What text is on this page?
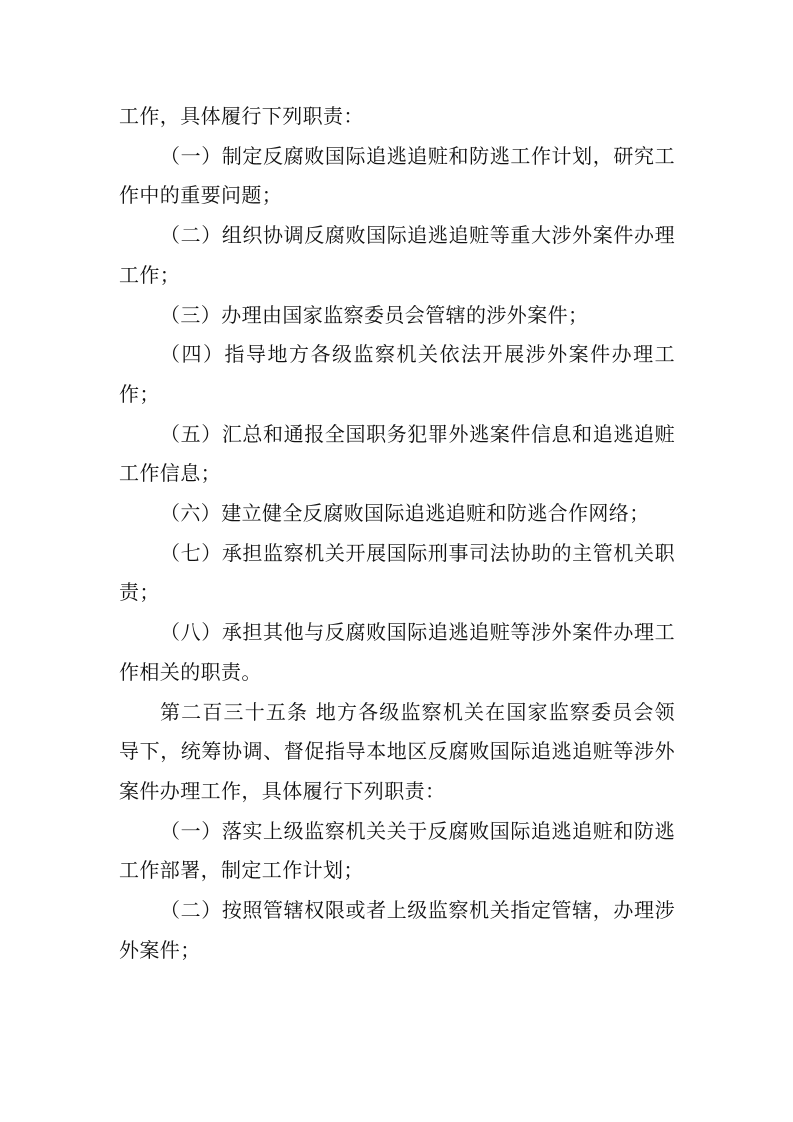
工作，具体履行下列职责：

（一）制定反腐败国际追逃追赃和防逃工作计划，研究工作中的重要问题；

（二）组织协调反腐败国际追逃追赃等重大涉外案件办理工作；

（三）办理由国家监察委员会管辖的涉外案件；

（四）指导地方各级监察机关依法开展涉外案件办理工作；

（五）汇总和通报全国职务犯罪外逃案件信息和追逃追赃工作信息；

（六）建立健全反腐败国际追逃追赃和防逃合作网络；

（七）承担监察机关开展国际刑事司法协助的主管机关职责；

（八）承担其他与反腐败国际追逃追赃等涉外案件办理工作相关的职责。

第二百三十五条 地方各级监察机关在国家监察委员会领导下，统筹协调、督促指导本地区反腐败国际追逃追赃等涉外案件办理工作，具体履行下列职责：

（一）落实上级监察机关关于反腐败国际追逃追赃和防逃工作部署，制定工作计划；

（二）按照管辖权限或者上级监察机关指定管辖，办理涉外案件；
